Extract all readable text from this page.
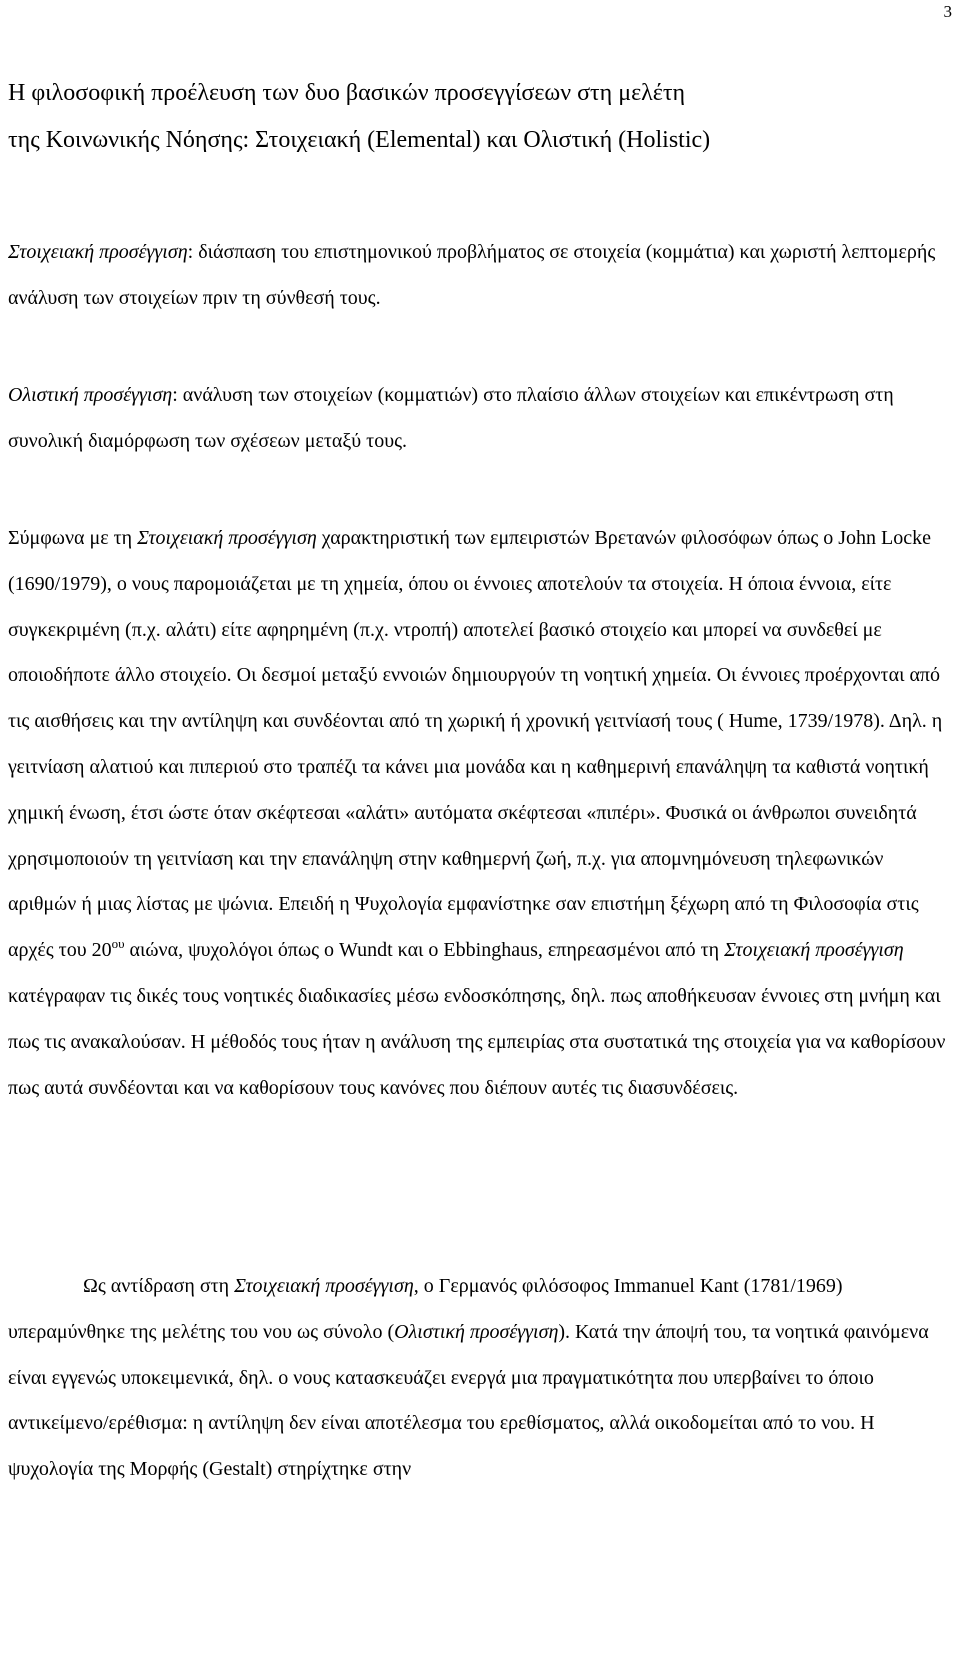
3
Η φιλοσοφική προέλευση των δυο βασικών προσεγγίσεων στη μελέτη
της Κοινωνικής Νόησης: Στοιχειακή (Elemental) και Ολιστική (Holistic)

Στοιχειακή προσέγγιση: διάσπαση του επιστημονικού προβλήματος σε στοιχεία (κομμάτια) και χωριστή λεπτομερής ανάλυση των στοιχείων πριν τη σύνθεσή τους.

Ολιστική προσέγγιση: ανάλυση των στοιχείων (κομματιών) στο πλαίσιο άλλων στοιχείων και επικέντρωση στη συνολική διαμόρφωση των σχέσεων μεταξύ τους.

Σύμφωνα με τη Στοιχειακή προσέγγιση χαρακτηριστική των εμπειριστών Βρετανών φιλοσόφων όπως ο John Locke (1690/1979), ο νους παρομοιάζεται με τη χημεία, όπου οι έννοιες αποτελούν τα στοιχεία. Η όποια έννοια, είτε συγκεκριμένη (π.χ. αλάτι) είτε αφηρημένη (π.χ. ντροπή) αποτελεί βασικό στοιχείο και μπορεί να συνδεθεί με οποιοδήποτε άλλο στοιχείο. Οι δεσμοί μεταξύ εννοιών δημιουργούν τη νοητική χημεία. Οι έννοιες προέρχονται από τις αισθήσεις και την αντίληψη και συνδέονται από τη χωρική ή χρονική γειτνίασή τους ( Hume, 1739/1978). Δηλ. η γειτνίαση αλατιού και πιπεριού στο τραπέζι τα κάνει μια μονάδα και η καθημερινή επανάληψη τα καθιστά νοητική χημική ένωση, έτσι ώστε όταν σκέφτεσαι «αλάτι» αυτόματα σκέφτεσαι «πιπέρι». Φυσικά οι άνθρωποι συνειδητά χρησιμοποιούν τη γειτνίαση και την επανάληψη στην καθημερνή ζωή, π.χ. για απομνημόνευση τηλεφωνικών αριθμών ή μιας λίστας με ψώνια. Επειδή η Ψυχολογία εμφανίστηκε σαν επιστήμη ξέχωρη από τη Φιλοσοφία στις αρχές του $20^{o\upsilon}$ αιώνα, ψυχολόγοι όπως ο Wundt και ο Ebbinghaus, επηρεασμένοι από τη Στοιχειακή προσέγγιση κατέγραφαν τις δικές τους νοητικές διαδικασίες μέσω ενδοσκόπησης, δηλ. πως αποθήκευσαν έννοιες στη μνήμη και πως τις ανακαλούσαν. Η μέθοδός τους ήταν η ανάλυση της εμπειρίας στα συστατικά της στοιχεία για να καθορίσουν πως αυτά συνδέονται και να καθορίσουν τους κανόνες που διέπουν αυτές τις διασυνδέσεις.

Ως αντίδραση στη Στοιχειακή προσέγγιση, ο Γερμανός φιλόσοφος Immanuel Kant (1781/1969) υπεραμύνθηκε της μελέτης του νου ως σύνολο (Ολιστική προσέγγιση). Κατά την άποψή του, τα νοητικά φαινόμενα είναι εγγενώς υποκειμενικά, δηλ. ο νους κατασκευάζει ενεργά μια πραγματικότητα που υπερβαίνει το όποιο αντικείμενο/ερέθισμα: η αντίληψη δεν είναι αποτέλεσμα του ερεθίσματος, αλλά οικοδομείται από το νου. Η ψυχολογία της Μορφής (Gestalt) στηρίχτηκε στην
